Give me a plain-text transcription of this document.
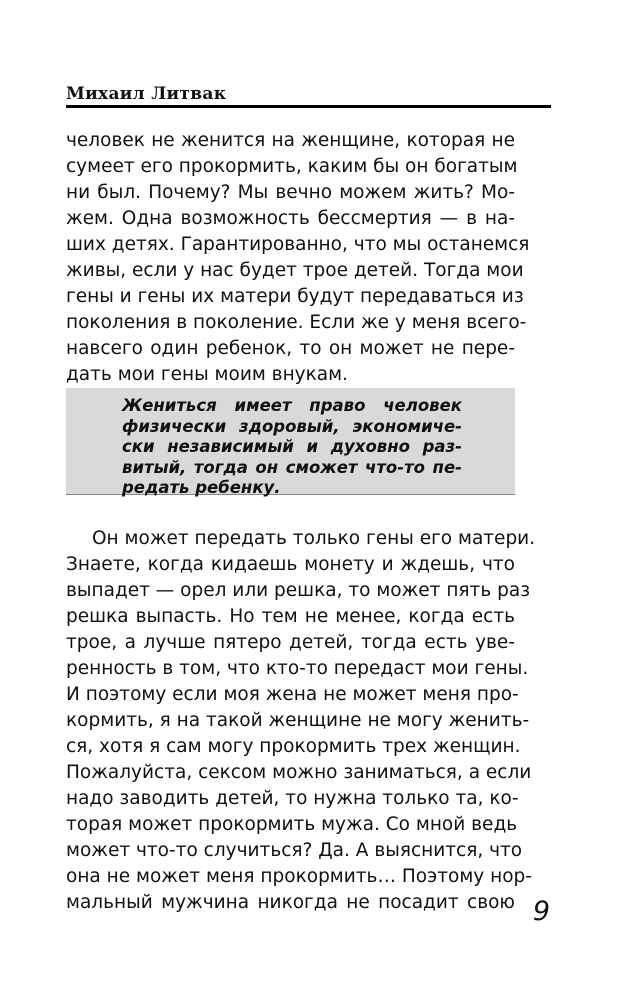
Михаил Литвак
человек не женится на женщине, которая не
сумеет его прокормить, каким бы он богатым
ни был. Почему? Мы вечно можем жить? Мо-
жем. Одна возможность бессмертия — в на-
ших детях. Гарантированно, что мы останемся
живы, если у нас будет трое детей. Тогда мои
гены и гены их матери будут передаваться из
поколения в поколение. Если же у меня всего-
навсего один ребенок, то он может не пере-
дать мои гены моим внукам.
Жениться имеет право человек
физически здоровый, экономиче-
ски независимый и духовно раз-
витый, тогда он сможет что-то пе-
редать ребенку.
Он может передать только гены его матери.
Знаете, когда кидаешь монету и ждешь, что
выпадет — орел или решка, то может пять раз
решка выпасть. Но тем не менее, когда есть
трое, а лучше пятеро детей, тогда есть уве-
ренность в том, что кто-то передаст мои гены.
И поэтому если моя жена не может меня про-
кормить, я на такой женщине не могу женить-
ся, хотя я сам могу прокормить трех женщин.
Пожалуйста, сексом можно заниматься, а если
надо заводить детей, то нужна только та, ко-
торая может прокормить мужа. Со мной ведь
может что-то случиться? Да. А выяснится, что
она не может меня прокормить… Поэтому нор-
мальный мужчина никогда не посадит свою 9
